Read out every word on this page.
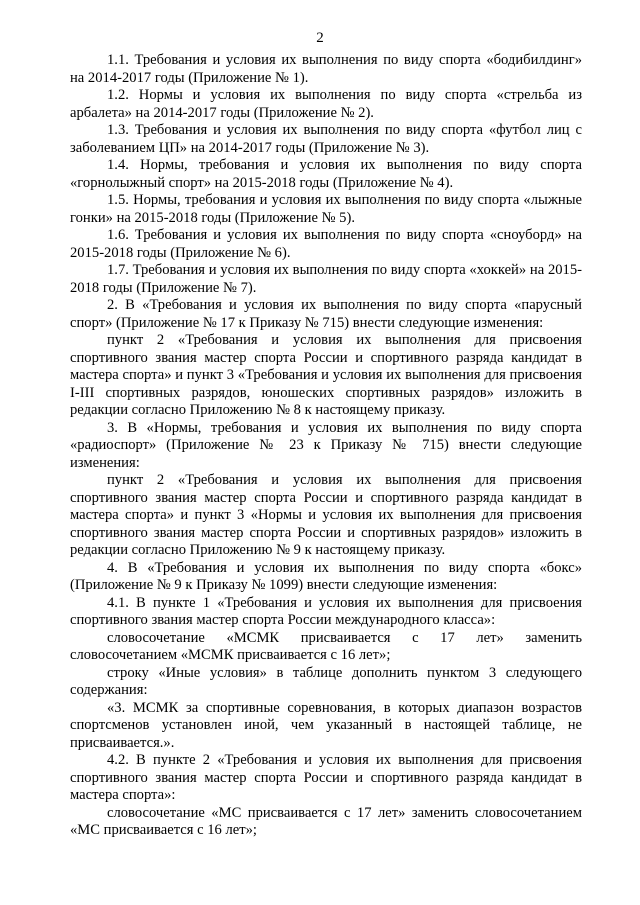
2

1.1. Требования и условия их выполнения по виду спорта «бодибилдинг» на 2014-2017 годы (Приложение № 1).

1.2. Нормы и условия их выполнения по виду спорта «стрельба из арбалета» на 2014-2017 годы (Приложение № 2).

1.3. Требования и условия их выполнения по виду спорта «футбол лиц с заболеванием ЦП» на 2014-2017 годы (Приложение № 3).

1.4. Нормы, требования и условия их выполнения по виду спорта «горнолыжный спорт» на 2015-2018 годы (Приложение № 4).

1.5. Нормы, требования и условия их выполнения по виду спорта «лыжные гонки» на 2015-2018 годы (Приложение № 5).

1.6. Требования и условия их выполнения по виду спорта «сноуборд» на 2015-2018 годы (Приложение № 6).

1.7. Требования и условия их выполнения по виду спорта «хоккей» на 2015-2018 годы (Приложение № 7).

2. В «Требования и условия их выполнения по виду спорта «парусный спорт» (Приложение № 17 к Приказу № 715) внести следующие изменения:

пункт 2 «Требования и условия их выполнения для присвоения спортивного звания мастер спорта России и спортивного разряда кандидат в мастера спорта» и пункт 3 «Требования и условия их выполнения для присвоения I-III спортивных разрядов, юношеских спортивных разрядов» изложить в редакции согласно Приложению № 8 к настоящему приказу.

3. В «Нормы, требования и условия их выполнения по виду спорта «радиоспорт» (Приложение № 23 к Приказу № 715) внести следующие изменения:

пункт 2 «Требования и условия их выполнения для присвоения спортивного звания мастер спорта России и спортивного разряда кандидат в мастера спорта» и пункт 3 «Нормы и условия их выполнения для присвоения спортивного звания мастер спорта России и спортивных разрядов» изложить в редакции согласно Приложению № 9 к настоящему приказу.

4. В «Требования и условия их выполнения по виду спорта «бокс» (Приложение № 9 к Приказу № 1099) внести следующие изменения:

4.1. В пункте 1 «Требования и условия их выполнения для присвоения спортивного звания мастер спорта России международного класса»:

словосочетание «МСМК присваивается с 17 лет» заменить словосочетанием «МСМК присваивается с 16 лет»;

строку «Иные условия» в таблице дополнить пунктом 3 следующего содержания:

«3. МСМК за спортивные соревнования, в которых диапазон возрастов спортсменов установлен иной, чем указанный в настоящей таблице, не присваивается.».

4.2. В пункте 2 «Требования и условия их выполнения для присвоения спортивного звания мастер спорта России и спортивного разряда кандидат в мастера спорта»:

словосочетание «МС присваивается с 17 лет» заменить словосочетанием «МС присваивается с 16 лет»;
